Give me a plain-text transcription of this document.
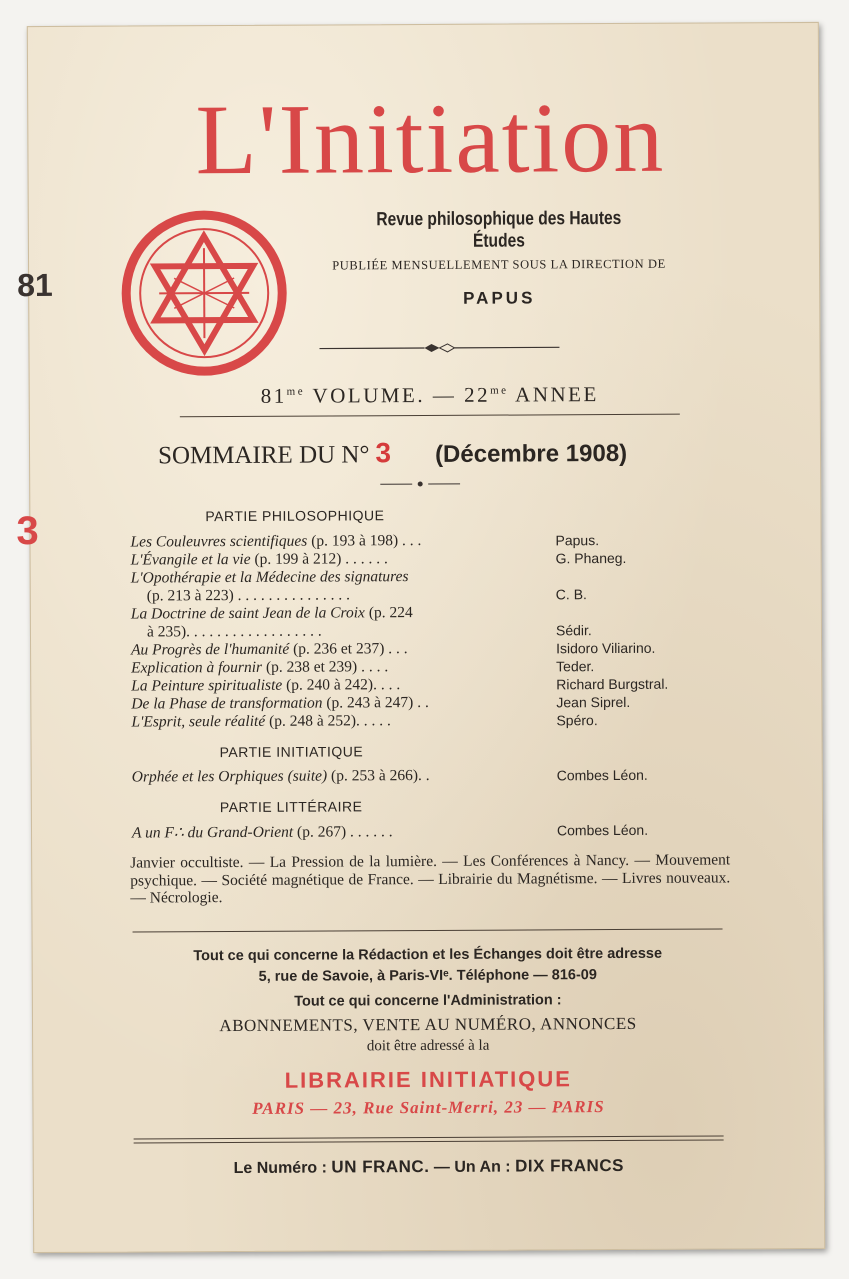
81
3
L'Initiation
Revue philosophique des Hautes Études
PUBLIÉE MENSUELLEMENT SOUS LA DIRECTION DE
PAPUS
$81^{me}$ VOLUME. — $22^{me}$ ANNEE
SOMMAIRE DU N° 3 (Décembre 1908)
PARTIE PHILOSOPHIQUE
Les Couleuvres scientifiques (p. 193 à 198) . . .	Papus.
L'Évangile et la vie (p. 199 à 212) . . . . . .	G. Phaneg.
L'Opothérapie et la Médecine des signatures
(p. 213 à 223) . . . . . . . . . . . . . . .	C. B.
La Doctrine de saint Jean de la Croix (p. 224
à 235). . . . . . . . . . . . . . . . . .	Sédir.
Au Progrès de l'humanité (p. 236 et 237) . . .	Isidoro Viliarino.
Explication à fournir (p. 238 et 239) . . . .	Teder.
La Peinture spiritualiste (p. 240 à 242). . . .	Richard Burgstral.
De la Phase de transformation (p. 243 à 247) . .	Jean Siprel.
L'Esprit, seule réalité (p. 248 à 252). . . . .	Spéro.
PARTIE INITIATIQUE
Orphée et les Orphiques (suite) (p. 253 à 266). .	Combes Léon.
PARTIE LITTÉRAIRE
A un F∴ du Grand-Orient (p. 267) . . . . . .	Combes Léon.
Janvier occultiste. — La Pression de la lumière. — Les Conférences à Nancy. — Mouvement psychique. — Société magnétique de France. — Librairie du Magnétisme. — Livres nouveaux. — Nécrologie.
Tout ce qui concerne la Rédaction et les Échanges doit être adresse
5, rue de Savoie, à Paris-VIᵉ. Téléphone — 816-09
Tout ce qui concerne l'Administration :
ABONNEMENTS, VENTE AU NUMÉRO, ANNONCES
doit être adressé à la
LIBRAIRIE INITIATIQUE
PARIS — 23, Rue Saint-Merri, 23 — PARIS
Le Numéro : UN FRANC. — Un An : DIX FRANCS
